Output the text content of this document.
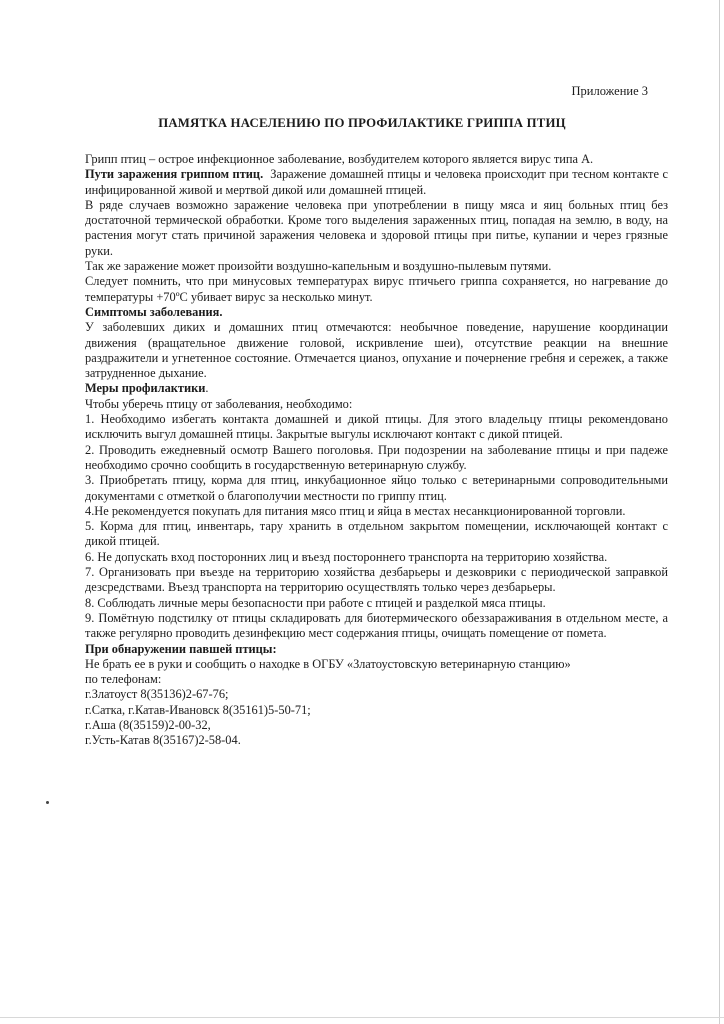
Приложение 3
ПАМЯТКА НАСЕЛЕНИЮ ПО ПРОФИЛАКТИКЕ ГРИППА ПТИЦ

Грипп птиц – острое инфекционное заболевание, возбудителем которого является вирус типа А.

Пути заражения гриппом птиц. Заражение домашней птицы и человека происходит при тесном контакте с инфицированной живой и мертвой дикой или домашней птицей.

В ряде случаев возможно заражение человека при употреблении в пищу мяса и яиц больных птиц без достаточной термической обработки. Кроме того выделения зараженных птиц, попадая на землю, в воду, на растения могут стать причиной заражения человека и здоровой птицы при питье, купании и через грязные руки.

Так же заражение может произойти воздушно-капельным и воздушно-пылевым путями.

Следует помнить, что при минусовых температурах вирус птичьего гриппа сохраняется, но нагревание до температуры +70ºС убивает вирус за несколько минут.

Симптомы заболевания.

У заболевших диких и домашних птиц отмечаются: необычное поведение, нарушение координации движения (вращательное движение головой, искривление шеи), отсутствие реакции на внешние раздражители и угнетенное состояние. Отмечается цианоз, опухание и почернение гребня и сережек, а также затрудненное дыхание.

Меры профилактики.

Чтобы уберечь птицу от заболевания, необходимо:

1. Необходимо избегать контакта домашней и дикой птицы. Для этого владельцу птицы рекомендовано исключить выгул домашней птицы. Закрытые выгулы исключают контакт с дикой птицей.

2. Проводить ежедневный осмотр Вашего поголовья. При подозрении на заболевание птицы и при падеже необходимо срочно сообщить в государственную ветеринарную службу.

3. Приобретать птицу, корма для птиц, инкубационное яйцо только с ветеринарными сопроводительными документами с отметкой о благополучии местности по гриппу птиц.

4.Не рекомендуется покупать для питания мясо птиц и яйца в местах несанкционированной торговли.

5. Корма для птиц, инвентарь, тару хранить в отдельном закрытом помещении, исключающей контакт с дикой птицей.

6. Не допускать вход посторонних лиц и въезд постороннего транспорта на территорию хозяйства.

7. Организовать при въезде на территорию хозяйства дезбарьеры и дезковрики с периодической заправкой дезсредствами. Въезд транспорта на территорию осуществлять только через дезбарьеры.

8. Соблюдать личные меры безопасности при работе с птицей и разделкой мяса птицы.

9. Помётную подстилку от птицы складировать для биотермического обеззараживания в отдельном месте, а также регулярно проводить дезинфекцию мест содержания птицы, очищать помещение от помета.

При обнаружении павшей птицы:

Не брать ее в руки и сообщить о находке в ОГБУ «Златоустовскую ветеринарную станцию»

по телефонам:

г.Златоуст 8(35136)2-67-76;

г.Сатка, г.Катав-Ивановск 8(35161)5-50-71;

г.Аша (8(35159)2-00-32,

г.Усть-Катав 8(35167)2-58-04.
